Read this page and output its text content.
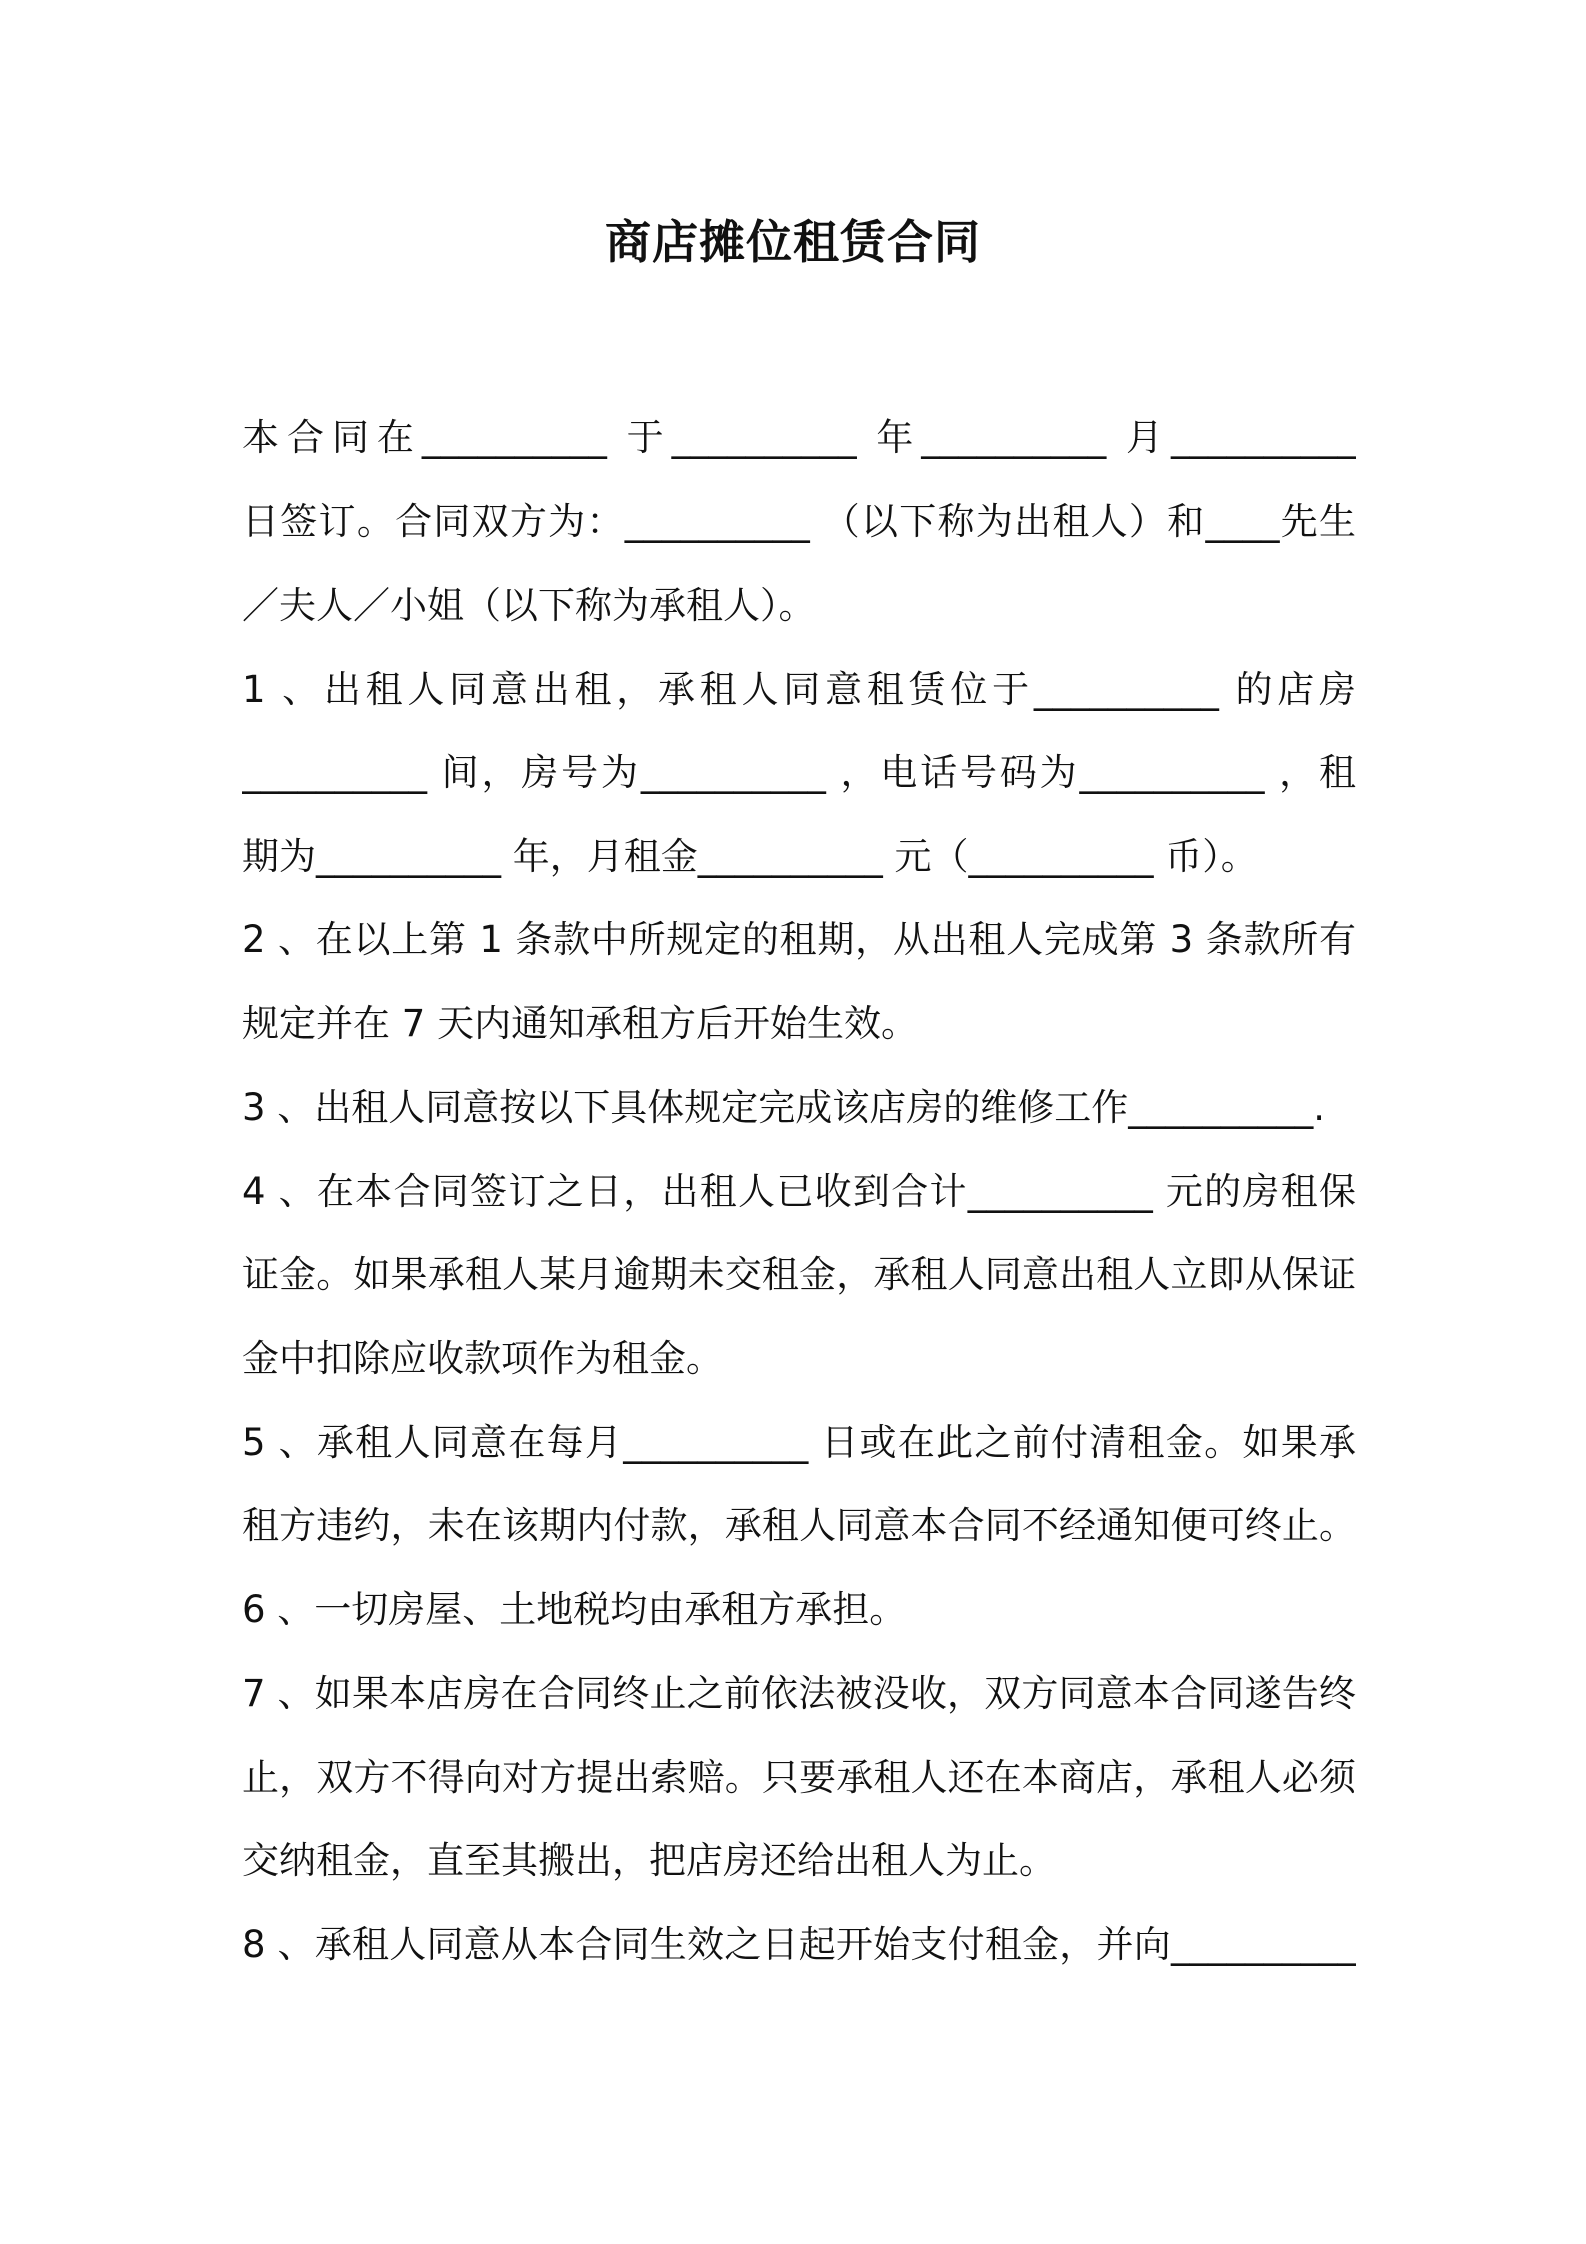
商店摊位租赁合同

本合同在__________ 于__________ 年__________ 月__________

日签订。合同双方为：__________ （以下称为出租人）和____先生

／夫人／小姐（以下称为承租人）。

1 、出租人同意出租，承租人同意租赁位于__________ 的店房

__________ 间，房号为__________ ，电话号码为__________ ，租

期为__________ 年，月租金__________ 元（__________ 币）。

2 、在以上第 1 条款中所规定的租期，从出租人完成第 3 条款所有

规定并在 7 天内通知承租方后开始生效。

3 、出租人同意按以下具体规定完成该店房的维修工作__________.

4 、在本合同签订之日，出租人已收到合计__________ 元的房租保

证金。如果承租人某月逾期未交租金，承租人同意出租人立即从保证

金中扣除应收款项作为租金。

5 、承租人同意在每月__________ 日或在此之前付清租金。如果承

租方违约，未在该期内付款，承租人同意本合同不经通知便可终止。

6 、一切房屋、土地税均由承租方承担。

7 、如果本店房在合同终止之前依法被没收，双方同意本合同遂告终

止，双方不得向对方提出索赔。只要承租人还在本商店，承租人必须

交纳租金，直至其搬出，把店房还给出租人为止。

8 、承租人同意从本合同生效之日起开始支付租金，并向__________
